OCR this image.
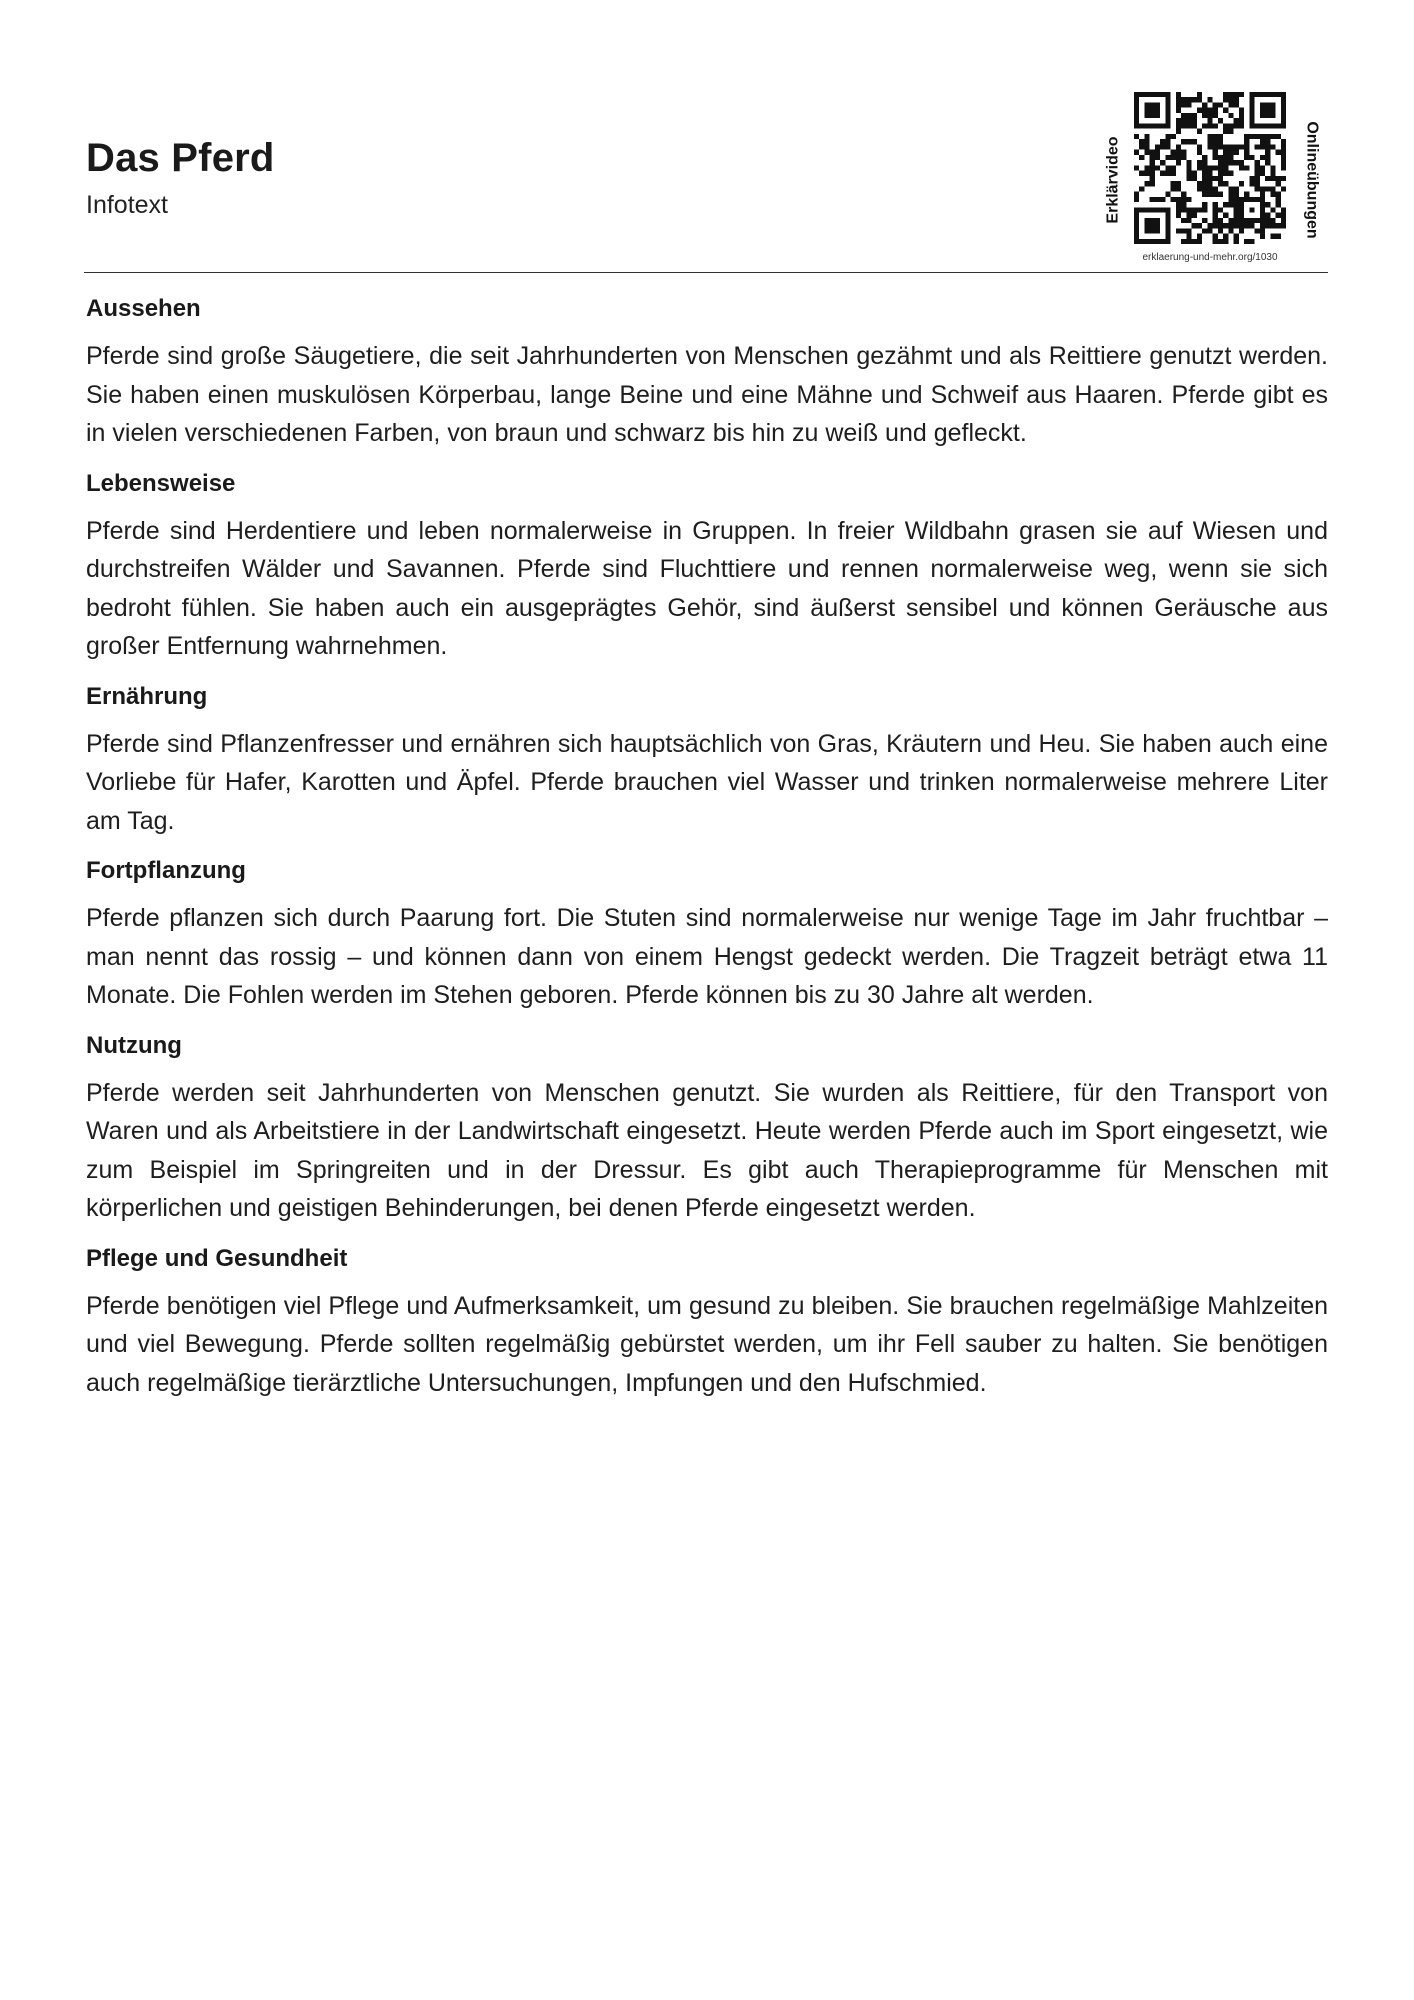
Das Pferd
Infotext	Erklärvideo	Onlineübungen
erklaerung-und-mehr.org/1030
Aussehen

Pferde sind große Säugetiere, die seit Jahrhunderten von Menschen gezähmt und als Reittiere genutzt werden. Sie haben einen muskulösen Körperbau, lange Beine und eine Mähne und Schweif aus Haaren. Pferde gibt es in vielen verschiedenen Farben, von braun und schwarz bis hin zu weiß und gefleckt.

Lebensweise

Pferde sind Herdentiere und leben normalerweise in Gruppen. In freier Wildbahn grasen sie auf Wiesen und durchstreifen Wälder und Savannen. Pferde sind Fluchttiere und rennen normalerweise weg, wenn sie sich bedroht fühlen. Sie haben auch ein ausgeprägtes Gehör, sind äußerst sensibel und können Geräusche aus großer Entfernung wahrnehmen.

Ernährung

Pferde sind Pflanzenfresser und ernähren sich hauptsächlich von Gras, Kräutern und Heu. Sie haben auch eine Vorliebe für Hafer, Karotten und Äpfel. Pferde brauchen viel Wasser und trinken normalerweise mehrere Liter am Tag.

Fortpflanzung

Pferde pflanzen sich durch Paarung fort. Die Stuten sind normalerweise nur wenige Tage im Jahr fruchtbar – man nennt das rossig – und können dann von einem Hengst gedeckt werden. Die Tragzeit beträgt etwa 11 Monate. Die Fohlen werden im Stehen geboren. Pferde können bis zu 30 Jahre alt werden.

Nutzung

Pferde werden seit Jahrhunderten von Menschen genutzt. Sie wurden als Reittiere, für den Transport von Waren und als Arbeitstiere in der Landwirtschaft eingesetzt. Heute werden Pferde auch im Sport eingesetzt, wie zum Beispiel im Springreiten und in der Dressur. Es gibt auch Therapieprogramme für Menschen mit körperlichen und geistigen Behinderungen, bei denen Pferde eingesetzt werden.

Pflege und Gesundheit

Pferde benötigen viel Pflege und Aufmerksamkeit, um gesund zu bleiben. Sie brauchen regelmäßige Mahlzeiten und viel Bewegung. Pferde sollten regelmäßig gebürstet werden, um ihr Fell sauber zu halten. Sie benötigen auch regelmäßige tierärztliche Untersuchungen, Impfungen und den Hufschmied.
